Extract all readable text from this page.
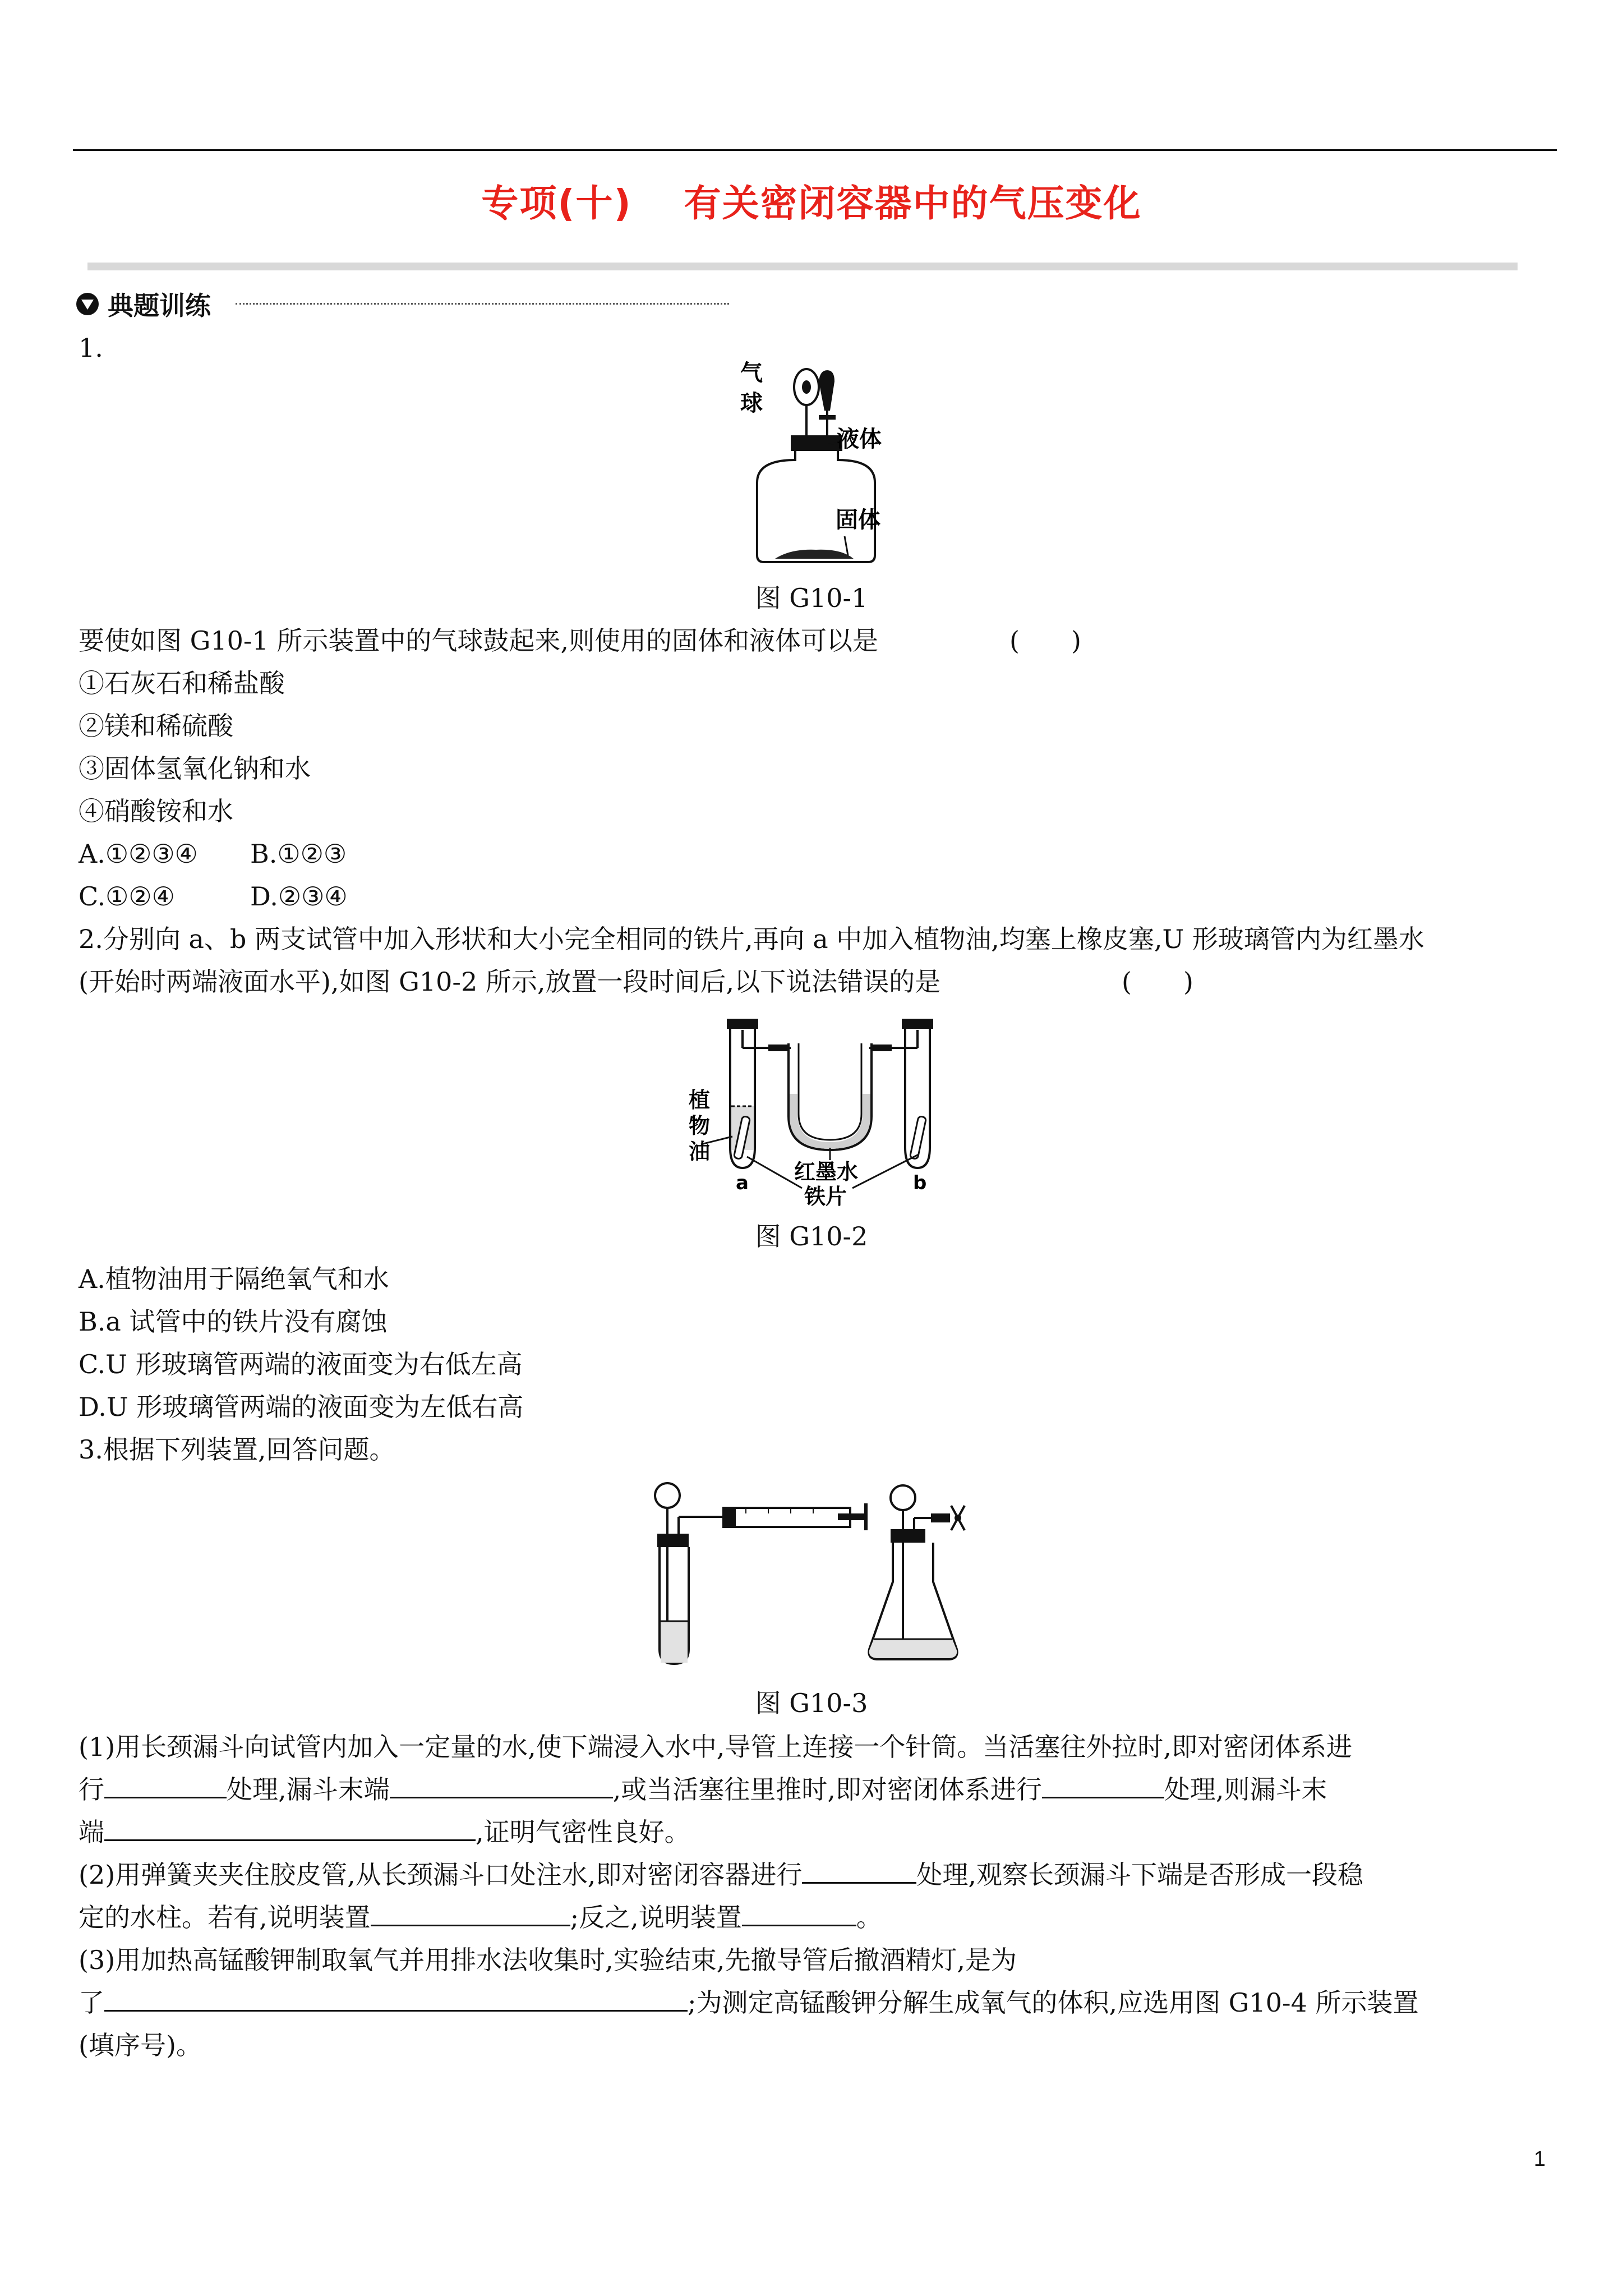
专项(十)　 有关密闭容器中的气压变化
典题训练
1.
气
球
液体
固体
图 G10-1
要使如图 G10-1 所示装置中的气球鼓起来,则使用的固体和液体可以是	(　　)
①石灰石和稀盐酸
②镁和稀硫酸
③固体氢氧化钠和水
④硝酸铵和水
A.①②③④ B.①②③
C.①②④	D.②③④
2.分别向 a、b 两支试管中加入形状和大小完全相同的铁片,再向 a 中加入植物油,均塞上橡皮塞,U 形玻璃管内为红墨水
(开始时两端液面水平),如图 G10-2 所示,放置一段时间后,以下说法错误的是	(　　)
植
物
油
红墨水
铁片
a	b
图 G10-2
A.植物油用于隔绝氧气和水
B.a 试管中的铁片没有腐蚀
C.U 形玻璃管两端的液面变为右低左高
D.U 形玻璃管两端的液面变为左低右高
3.根据下列装置,回答问题。
图 G10-3
(1)用长颈漏斗向试管内加入一定量的水,使下端浸入水中,导管上连接一个针筒。当活塞往外拉时,即对密闭体系进
行	处理,漏斗末端	,或当活塞往里推时,即对密闭体系进行	处理,则漏斗末
端	,证明气密性良好。
(2)用弹簧夹夹住胶皮管,从长颈漏斗口处注水,即对密闭容器进行	处理,观察长颈漏斗下端是否形成一段稳
定的水柱。若有,说明装置	;反之,说明装置	。
(3)用加热高锰酸钾制取氧气并用排水法收集时,实验结束,先撤导管后撤酒精灯,是为
了	;为测定高锰酸钾分解生成氧气的体积,应选用图 G10-4 所示装置
(填序号)。
1
